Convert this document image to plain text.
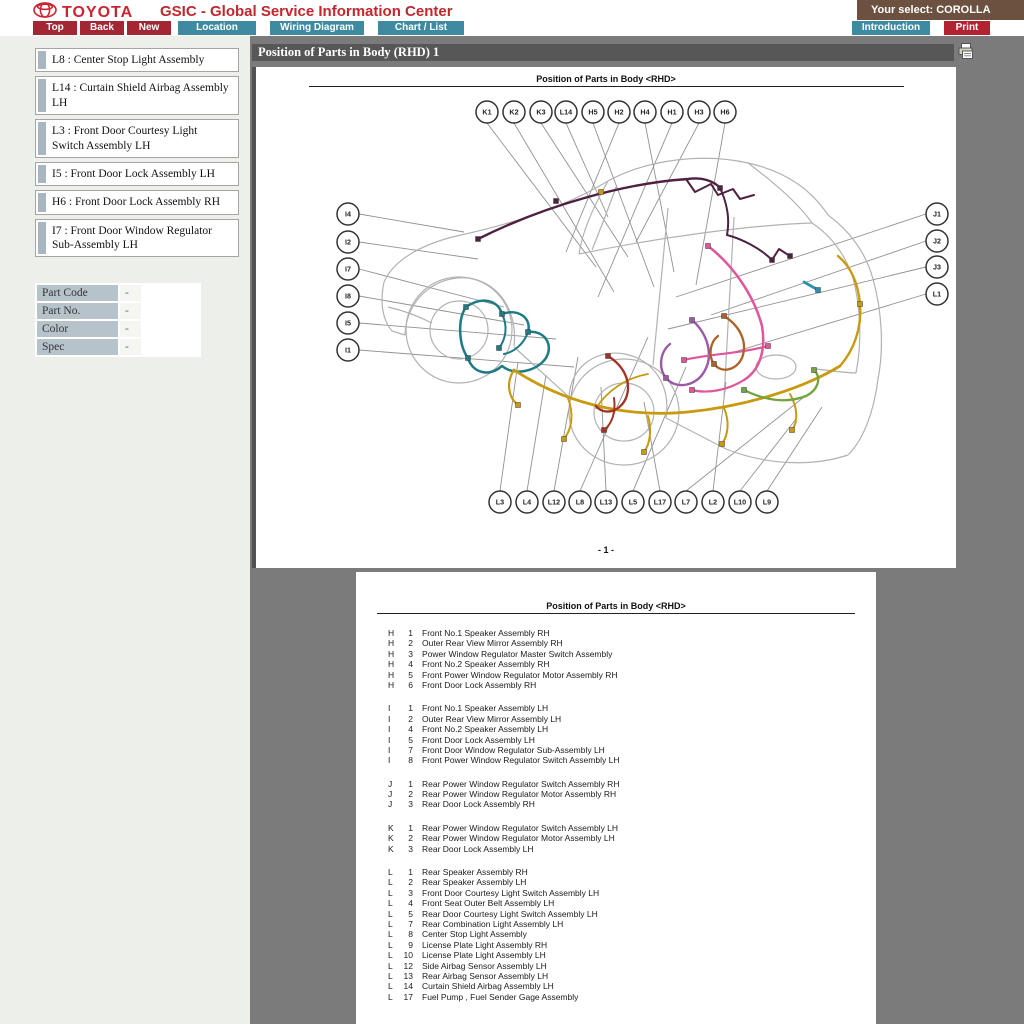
TOYOTA GSIC - Global Service Information Center	Your select: COROLLA
Top	Back	New	Location	Wiring Diagram	Chart / List	Introduction	Print
L8 : Center Stop Light Assembly
L14 : Curtain Shield Airbag Assembly LH
L3 : Front Door Courtesy Light Switch Assembly LH
I5 : Front Door Lock Assembly LH
H6 : Front Door Lock Assembly RH
I7 : Front Door Window Regulator Sub-Assembly LH
Part Code	-
Part No.	-
Color	-
Spec	-
Position of Parts in Body (RHD) 1
Position of Parts in Body <RHD>
K1 K2 K3 L14 H5 H2 H4 H1 H3 H6
I4
I2
I7
I8
I5
I1
J1
J2
J3
L1
L3	L4 L12 L8 L13 L5 L17 L7	L2 L10 L9
- 1 -
Position of Parts in Body <RHD>
H	1 Front No.1 Speaker Assembly RH
H	2 Outer Rear View Mirror Assembly RH
H	3 Power Window Regulator Master Switch Assembly
H	4 Front No.2 Speaker Assembly RH
H	5 Front Power Window Regulator Motor Assembly RH
H	6 Front Door Lock Assembly RH
I	1 Front No.1 Speaker Assembly LH
I	2 Outer Rear View Mirror Assembly LH
I	4 Front No.2 Speaker Assembly LH
I	5 Front Door Lock Assembly LH
I	7 Front Door Window Regulator Sub-Assembly LH
I	8 Front Power Window Regulator Switch Assembly LH
J	1 Rear Power Window Regulator Switch Assembly RH
J	2 Rear Power Window Regulator Motor Assembly RH
J	3 Rear Door Lock Assembly RH
K	1 Rear Power Window Regulator Switch Assembly LH
K	2 Rear Power Window Regulator Motor Assembly LH
K	3 Rear Door Lock Assembly LH
L	1 Rear Speaker Assembly RH
L	2 Rear Speaker Assembly LH
L	3 Front Door Courtesy Light Switch Assembly LH
L	4 Front Seat Outer Belt Assembly LH
L	5 Rear Door Courtesy Light Switch Assembly LH
L	7 Rear Combination Light Assembly LH
L	8 Center Stop Light Assembly
L	9 License Plate Light Assembly RH
L	10 License Plate Light Assembly LH
L	12 Side Airbag Sensor Assembly LH
L	13 Rear Airbag Sensor Assembly LH
L	14 Curtain Shield Airbag Assembly LH
L	17 Fuel Pump , Fuel Sender Gage Assembly
